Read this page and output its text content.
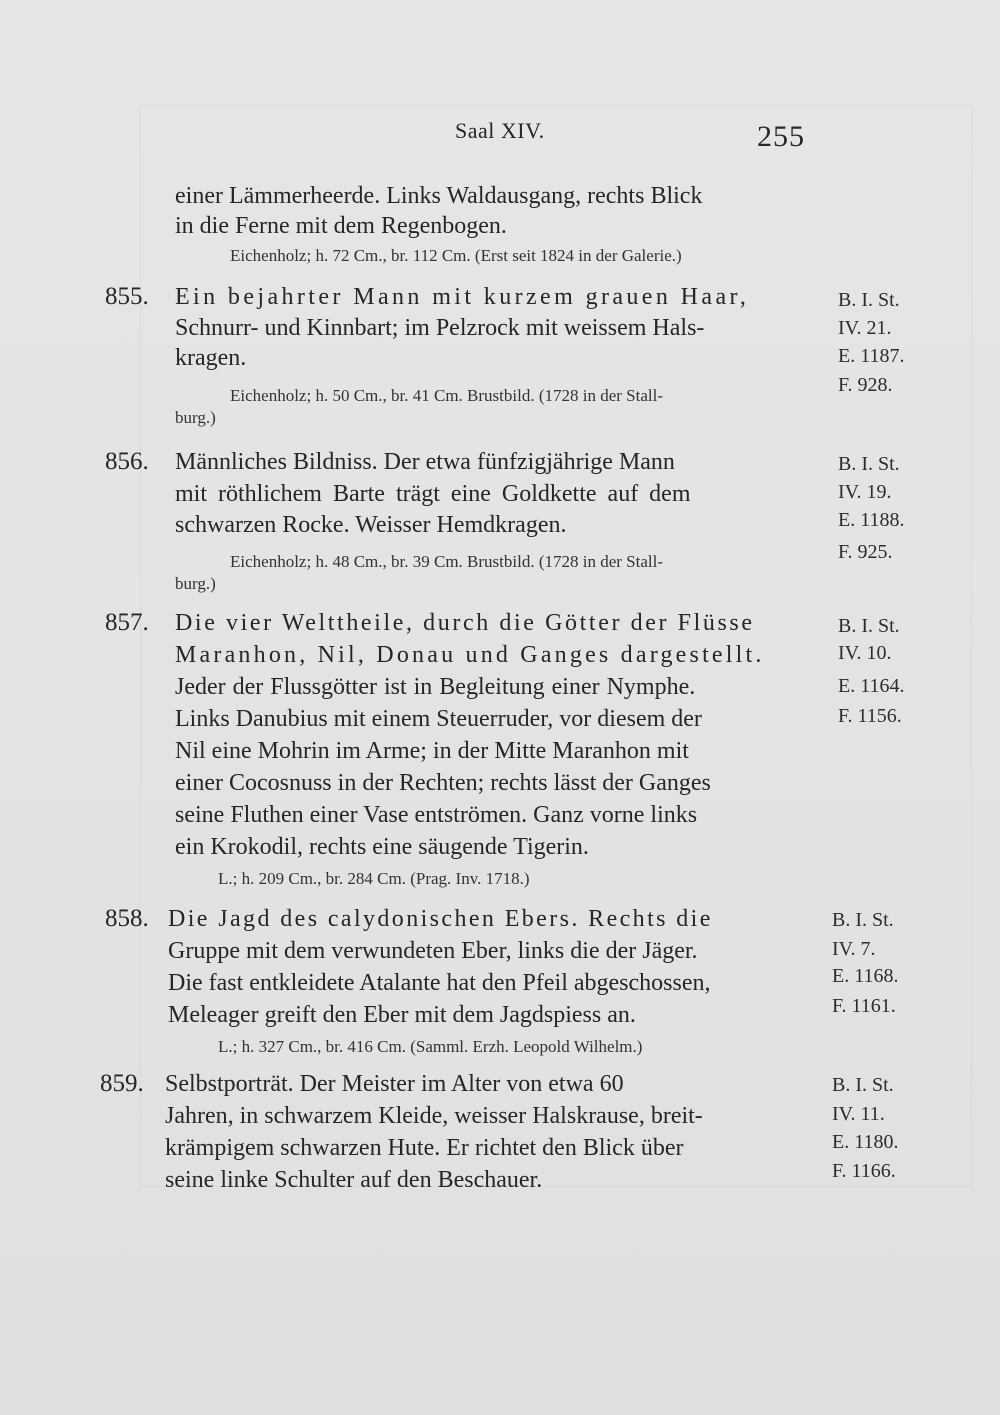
Saal XIV.	255
einer Lämmerheerde. Links Waldausgang, rechts Blick
in die Ferne mit dem Regenbogen.
Eichenholz; h. 72 Cm., br. 112 Cm. (Erst seit 1824 in der Galerie.)
855. Ein bejahrter Mann mit kurzem grauen Haar,
Schnurr- und Kinnbart; im Pelzrock mit weissem Hals-
kragen.
Eichenholz; h. 50 Cm., br. 41 Cm. Brustbild. (1728 in der Stall-
burg.)
B. I. St.
IV. 21.
E. 1187.
F. 928.
856. Männliches Bildniss. Der etwa fünfzigjährige Mann
mit röthlichem Barte trägt eine Goldkette auf dem
schwarzen Rocke. Weisser Hemdkragen.
Eichenholz; h. 48 Cm., br. 39 Cm. Brustbild. (1728 in der Stall-
burg.)
B. I. St.
IV. 19.
E. 1188.
F. 925.
857. Die vier Welttheile, durch die Götter der Flüsse
Maranhon, Nil, Donau und Ganges dargestellt.
Jeder der Flussgötter ist in Begleitung einer Nymphe.
Links Danubius mit einem Steuerruder, vor diesem der
Nil eine Mohrin im Arme; in der Mitte Maranhon mit
einer Cocosnuss in der Rechten; rechts lässt der Ganges
seine Fluthen einer Vase entströmen. Ganz vorne links
ein Krokodil, rechts eine säugende Tigerin.
L.; h. 209 Cm., br. 284 Cm. (Prag. Inv. 1718.)
B. I. St.
IV. 10.
E. 1164.
F. 1156.
858. Die Jagd des calydonischen Ebers. Rechts die
Gruppe mit dem verwundeten Eber, links die der Jäger.
Die fast entkleidete Atalante hat den Pfeil abgeschossen,
Meleager greift den Eber mit dem Jagdspiess an.
L.; h. 327 Cm., br. 416 Cm. (Samml. Erzh. Leopold Wilhelm.)
B. I. St.
IV. 7.
E. 1168.
F. 1161.
859. Selbstporträt. Der Meister im Alter von etwa 60
Jahren, in schwarzem Kleide, weisser Halskrause, breit-
krämpigem schwarzen Hute. Er richtet den Blick über
seine linke Schulter auf den Beschauer.
B. I. St.
IV. 11.
E. 1180.
F. 1166.
